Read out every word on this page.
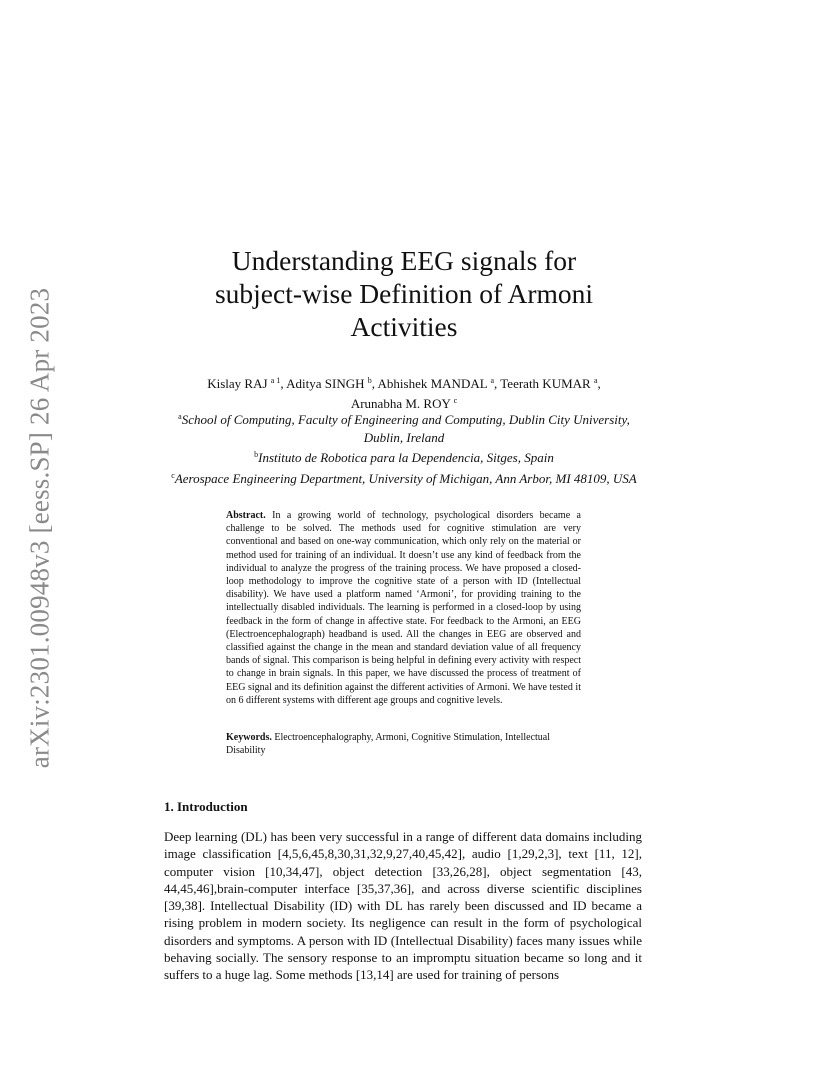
arXiv:2301.00948v3 [eess.SP] 26 Apr 2023
Understanding EEG signals for
subject-wise Definition of Armoni
Activities
Kislay RAJ $^{a 1}$, Aditya SINGH $^b$, Abhishek MANDAL $^a$, Teerath KUMAR $^a$,
Arunabha M. ROY $^c$
$^a$School of Computing, Faculty of Engineering and Computing, Dublin City University, Dublin, Ireland
$^b$Instituto de Robotica para la Dependencia, Sitges, Spain
$^c$Aerospace Engineering Department, University of Michigan, Ann Arbor, MI 48109, USA
Abstract. In a growing world of technology, psychological disorders became a challenge to be solved. The methods used for cognitive stimulation are very conventional and based on one-way communication, which only rely on the material or method used for training of an individual. It doesn’t use any kind of feedback from the individual to analyze the progress of the training process. We have proposed a closed-loop methodology to improve the cognitive state of a person with ID (Intellectual disability). We have used a platform named ‘Armoni’, for providing training to the intellectually disabled individuals. The learning is performed in a closed-loop by using feedback in the form of change in affective state. For feedback to the Armoni, an EEG (Electroencephalograph) headband is used. All the changes in EEG are observed and classified against the change in the mean and standard deviation value of all frequency bands of signal. This comparison is being helpful in defining every activity with respect to change in brain signals. In this paper, we have discussed the process of treatment of EEG signal and its definition against the different activities of Armoni. We have tested it on 6 different systems with different age groups and cognitive levels.
Keywords. Electroencephalography, Armoni, Cognitive Stimulation, Intellectual Disability
1. Introduction
Deep learning (DL) has been very successful in a range of different data domains including image classification [4,5,6,45,8,30,31,32,9,27,40,45,42], audio [1,29,2,3], text [11, 12], computer vision [10,34,47], object detection [33,26,28], object segmentation [43, 44,45,46],brain-computer interface [35,37,36], and across diverse scientific disciplines [39,38]. Intellectual Disability (ID) with DL has rarely been discussed and ID became a rising problem in modern society. Its negligence can result in the form of psychological disorders and symptoms. A person with ID (Intellectual Disability) faces many issues while behaving socially. The sensory response to an impromptu situation became so long and it suffers to a huge lag. Some methods [13,14] are used for training of persons
